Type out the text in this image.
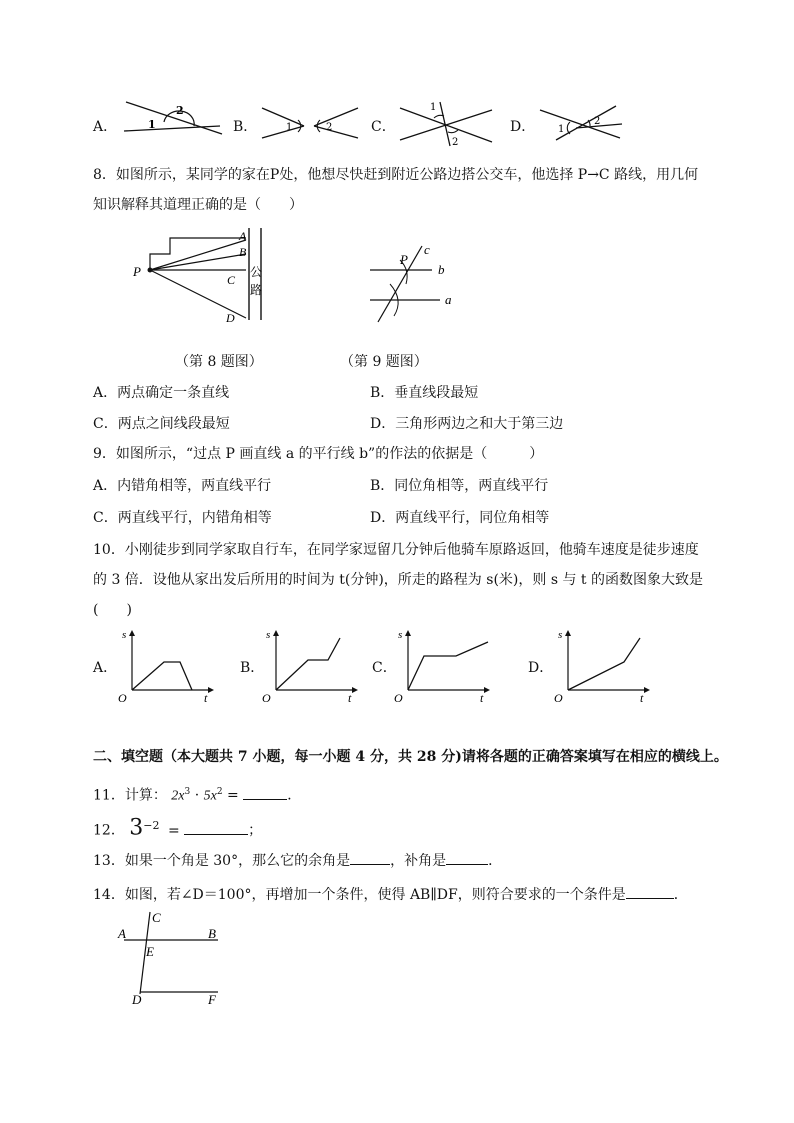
A．	1
2
B．	1	2	C．
1
2
D． 1
2
8．如图所示，某同学的家在P处，他想尽快赶到附近公路边搭公交车，他选择 P→C 路线，用几何
知识解释其道理正确的是（　　）
P
A
B
C
D
公
路
P
c
b
a
（第 8 题图）	（第 9 题图）
A．两点确定一条直线	B．垂直线段最短
C．两点之间线段最短	D．三角形两边之和大于第三边
9．如图所示，“过点 P 画直线 a 的平行线 b”的作法的依据是（　　　）
A．内错角相等，两直线平行	B．同位角相等，两直线平行
C．两直线平行，内错角相等	D．两直线平行，同位角相等
10．小刚徒步到同学家取自行车，在同学家逗留几分钟后他骑车原路返回，他骑车速度是徒步速度
的 3 倍．设他从家出发后所用的时间为 t(分钟)，所走的路程为 s(米)，则 s 与 t 的函数图象大致是
(　　)
A．
O
s
t
B．
O
s
t
C．
O
s
t
D．
O
s
t
二、填空题（本大题共 7 小题，每一小题 4 分，共 28 分)请将各题的正确答案填写在相应的横线上。
11．计算： $2x^3 \cdot 5x^2$ =	．
12． $3^{-2}$ =	；
13．如果一个角是 30°，那么它的余角是	，补角是	．
14．如图，若∠D＝100°，再增加一个条件，使得 AB∥DF，则符合要求的一个条件是	．
A	B
C
E
D	F
